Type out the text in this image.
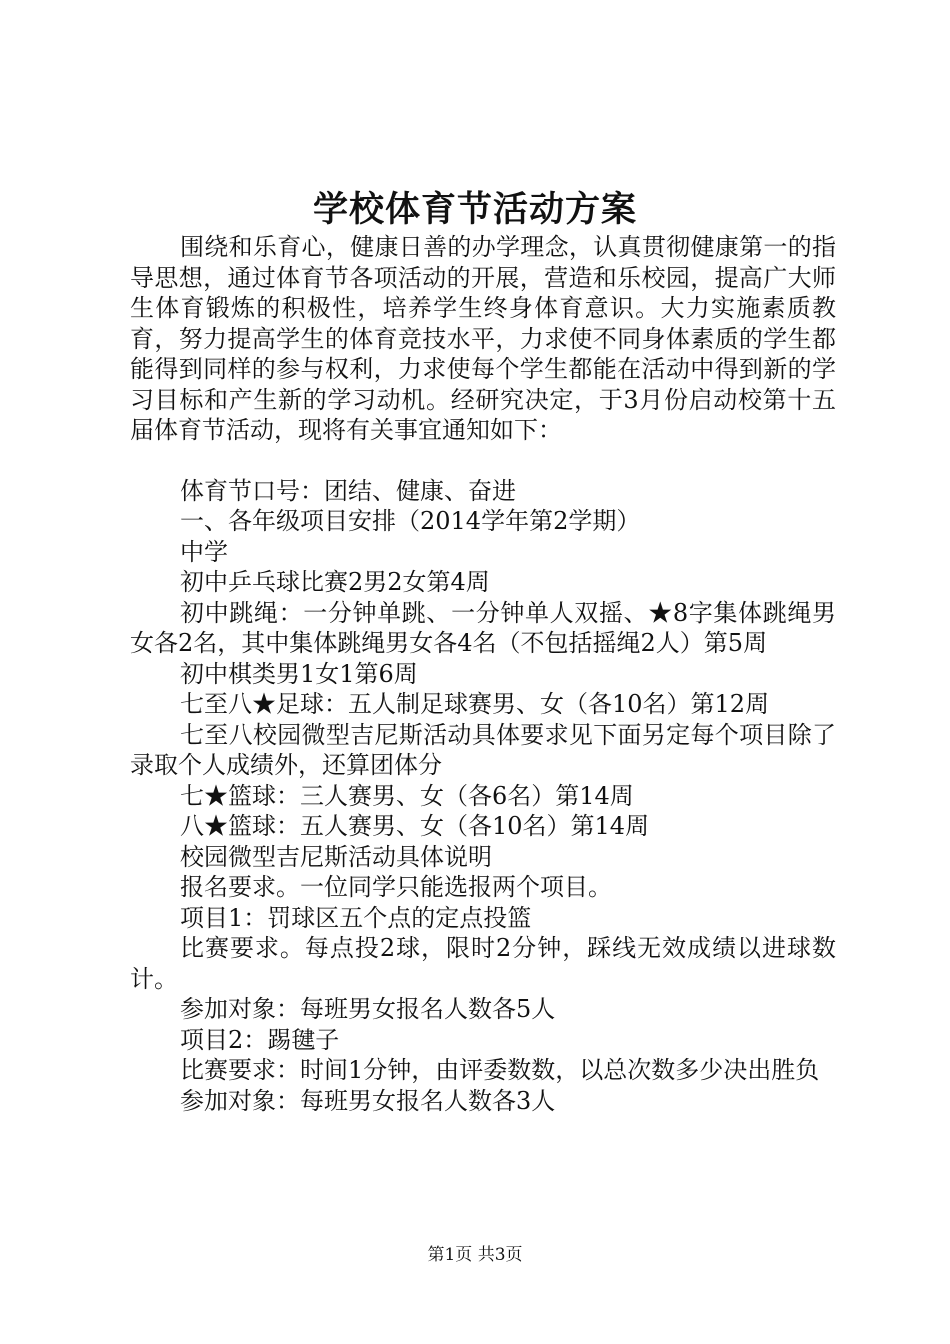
学校体育节活动方案

围绕和乐育心，健康日善的办学理念，认真贯彻健康第一的指导思想，通过体育节各项活动的开展，营造和乐校园，提高广大师生体育锻炼的积极性，培养学生终身体育意识。大力实施素质教育，努力提高学生的体育竞技水平，力求使不同身体素质的学生都能得到同样的参与权利，力求使每个学生都能在活动中得到新的学习目标和产生新的学习动机。经研究决定，于3月份启动校第十五届体育节活动，现将有关事宜通知如下：

体育节口号：团结、健康、奋进

一、各年级项目安排（2014学年第2学期）

中学

初中乒乓球比赛2男2女第4周

初中跳绳：一分钟单跳、一分钟单人双摇、★8字集体跳绳男女各2名，其中集体跳绳男女各4名（不包括摇绳2人）第5周

初中棋类男1女1第6周

七至八★足球：五人制足球赛男、女（各10名）第12周

七至八校园微型吉尼斯活动具体要求见下面另定每个项目除了录取个人成绩外，还算团体分

七★篮球：三人赛男、女（各6名）第14周

八★篮球：五人赛男、女（各10名）第14周

校园微型吉尼斯活动具体说明

报名要求。一位同学只能选报两个项目。

项目1：罚球区五个点的定点投篮

比赛要求。每点投2球，限时2分钟，踩线无效成绩以进球数计。

参加对象：每班男女报名人数各5人

项目2：踢毽子

比赛要求：时间1分钟，由评委数数，以总次数多少决出胜负

参加对象：每班男女报名人数各3人

第1页 共3页
